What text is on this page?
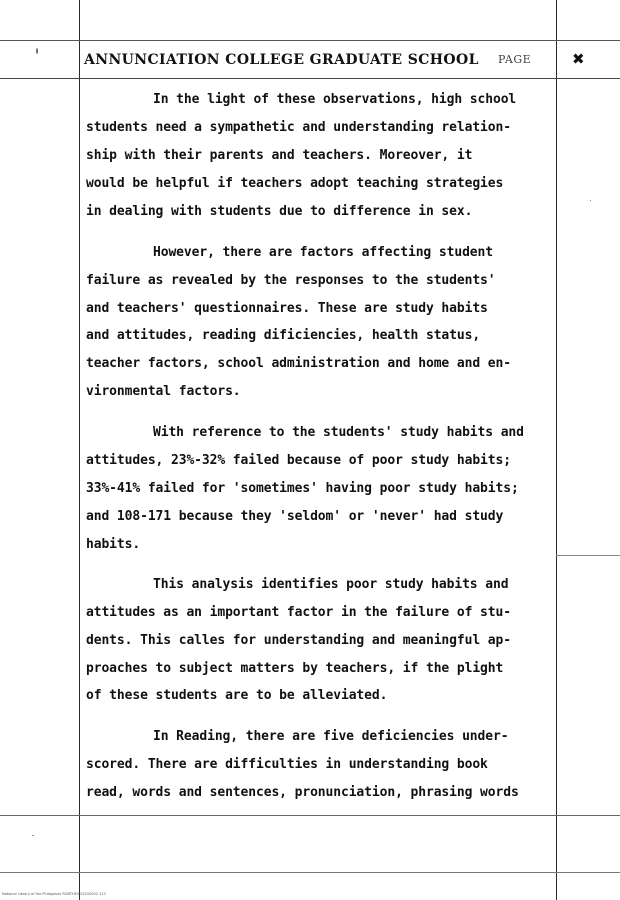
ANNUNCIATION COLLEGE GRADUATE SCHOOL PAGE	✖
In the light of these observations, high school
students need a sympathetic and understanding relation-
ship with their parents and teachers. Moreover, it
would be helpful if teachers adopt teaching strategies
in dealing with students due to difference in sex.
However, there are factors affecting student
failure as revealed by the responses to the students'
and teachers' questionnaires. These are study habits
and attitudes, reading dificiencies, health status,
teacher factors, school administration and home and en-
vironmental factors.
With reference to the students' study habits and
attitudes, 23%-32% failed because of poor study habits;
33%-41% failed for 'sometimes' having poor study habits;
and 108-171 because they 'seldom' or 'never' had study
habits.
This analysis identifies poor study habits and
attitudes as an important factor in the failure of stu-
dents. This calles for understanding and meaningful ap-
proaches to subject matters by teachers, if the plight
of these students are to be alleviated.
In Reading, there are five deficiencies under-
scored. There are difficulties in understanding book
read, words and sentences, pronunciation, phrasing words
National Library of the Philippines RGBTHESIS2010002 113
